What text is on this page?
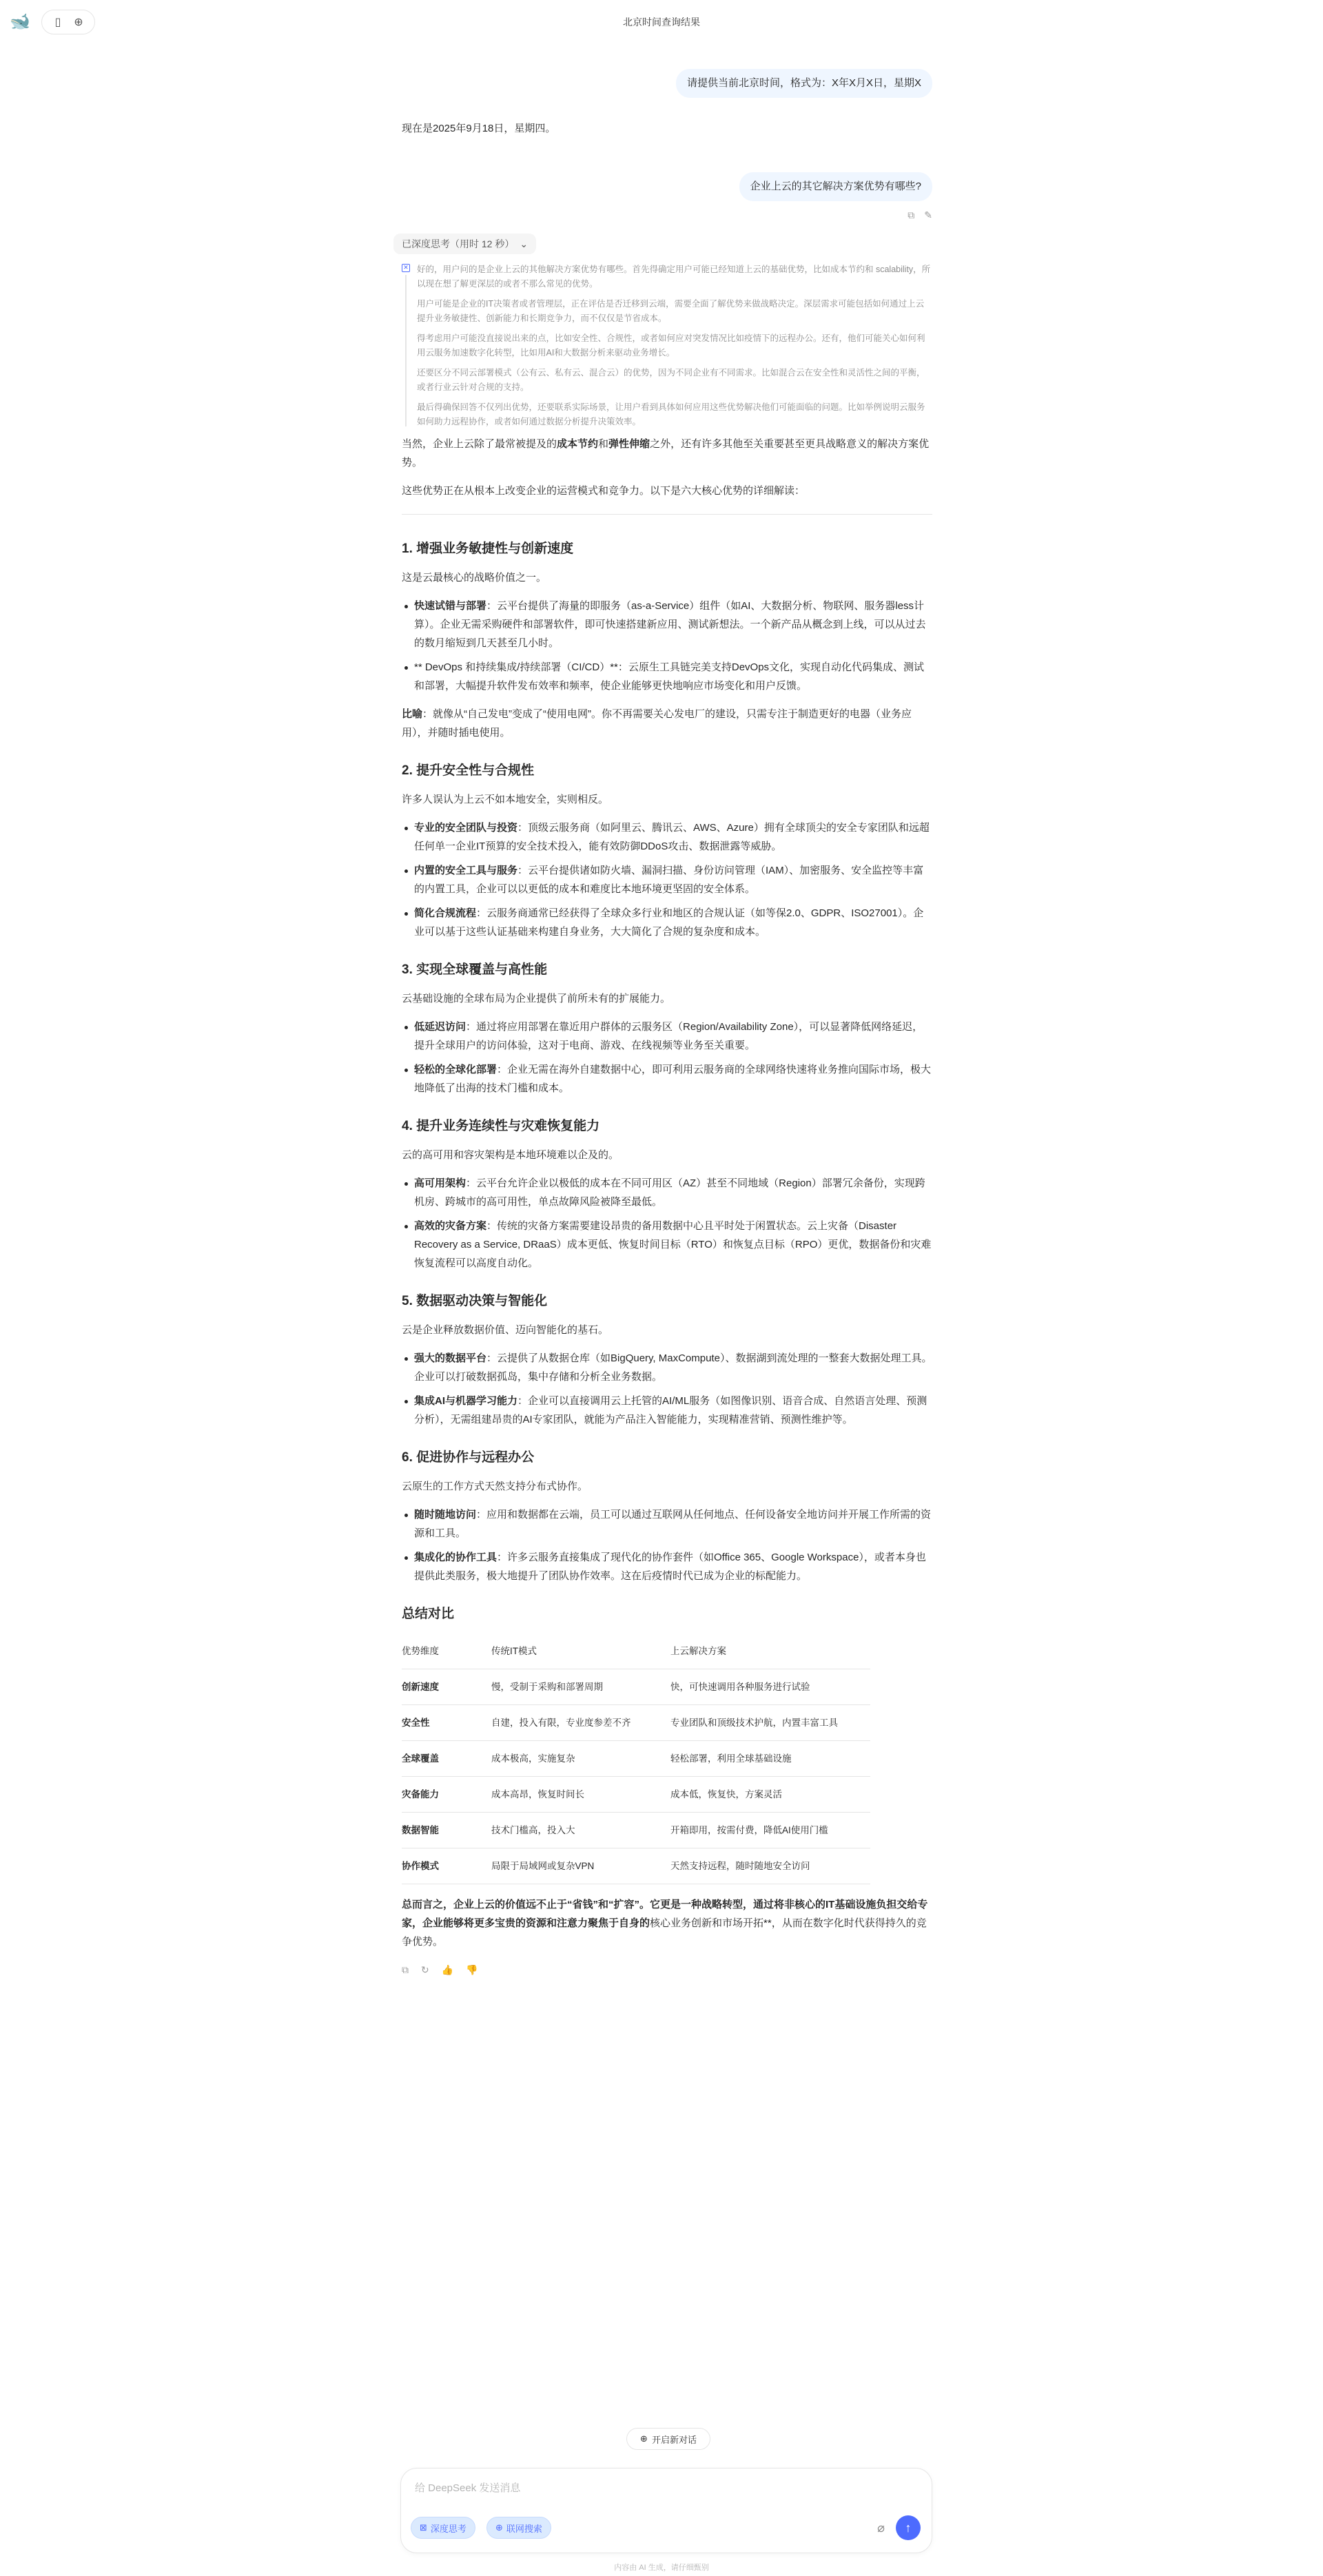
🐋	▯	⊕	北京时间查询结果
请提供当前北京时间，格式为：X年X月X日，星期X
现在是2025年9月18日，星期四。
企业上云的其它解决方案优势有哪些?
⧉ ✎
已深度思考（用时 12 秒） ⌄
✕ 好的，用户问的是企业上云的其他解决方案优势有哪些。首先得确定用户可能已经知道上云的基础优势，比如成本节约和 scalability，所以现在想了解更深层的或者不那么常见的优势。

用户可能是企业的IT决策者或者管理层，正在评估是否迁移到云端，需要全面了解优势来做战略决定。深层需求可能包括如何通过上云提升业务敏捷性、创新能力和长期竞争力，而不仅仅是节省成本。

得考虑用户可能没直接说出来的点，比如安全性、合规性，或者如何应对突发情况比如疫情下的远程办公。还有，他们可能关心如何利用云服务加速数字化转型，比如用AI和大数据分析来驱动业务增长。

还要区分不同云部署模式（公有云、私有云、混合云）的优势，因为不同企业有不同需求。比如混合云在安全性和灵活性之间的平衡，或者行业云针对合规的支持。

最后得确保回答不仅列出优势，还要联系实际场景，让用户看到具体如何应用这些优势解决他们可能面临的问题。比如举例说明云服务如何助力远程协作，或者如何通过数据分析提升决策效率。

当然，企业上云除了最常被提及的成本节约和弹性伸缩之外，还有许多其他至关重要甚至更具战略意义的解决方案优势。

这些优势正在从根本上改变企业的运营模式和竞争力。以下是六大核心优势的详细解读：

1. 增强业务敏捷性与创新速度

这是云最核心的战略价值之一。

快速试错与部署：云平台提供了海量的即服务（as-a-Service）组件（如AI、大数据分析、物联网、服务器less计算）。企业无需采购硬件和部署软件，即可快速搭建新应用、测试新想法。一个新产品从概念到上线，可以从过去的数月缩短到几天甚至几小时。
** DevOps 和持续集成/持续部署（CI/CD）**：云原生工具链完美支持DevOps文化，实现自动化代码集成、测试和部署，大幅提升软件发布效率和频率，使企业能够更快地响应市场变化和用户反馈。

比喻：就像从“自己发电”变成了“使用电网”。你不再需要关心发电厂的建设，只需专注于制造更好的电器（业务应用），并随时插电使用。

2. 提升安全性与合规性

许多人误认为上云不如本地安全，实则相反。

专业的安全团队与投资：顶级云服务商（如阿里云、腾讯云、AWS、Azure）拥有全球顶尖的安全专家团队和远超任何单一企业IT预算的安全技术投入，能有效防御DDoS攻击、数据泄露等威胁。
内置的安全工具与服务：云平台提供诸如防火墙、漏洞扫描、身份访问管理（IAM）、加密服务、安全监控等丰富的内置工具，企业可以以更低的成本和难度比本地环境更坚固的安全体系。
简化合规流程：云服务商通常已经获得了全球众多行业和地区的合规认证（如等保2.0、GDPR、ISO27001）。企业可以基于这些认证基础来构建自身业务，大大简化了合规的复杂度和成本。
3. 实现全球覆盖与高性能

云基础设施的全球布局为企业提供了前所未有的扩展能力。

低延迟访问：通过将应用部署在靠近用户群体的云服务区（Region/Availability Zone），可以显著降低网络延迟，提升全球用户的访问体验，这对于电商、游戏、在线视频等业务至关重要。
轻松的全球化部署：企业无需在海外自建数据中心，即可利用云服务商的全球网络快速将业务推向国际市场，极大地降低了出海的技术门槛和成本。
4. 提升业务连续性与灾难恢复能力

云的高可用和容灾架构是本地环境难以企及的。

高可用架构：云平台允许企业以极低的成本在不同可用区（AZ）甚至不同地域（Region）部署冗余备份，实现跨机房、跨城市的高可用性，单点故障风险被降至最低。
高效的灾备方案：传统的灾备方案需要建设昂贵的备用数据中心且平时处于闲置状态。云上灾备（Disaster Recovery as a Service, DRaaS）成本更低、恢复时间目标（RTO）和恢复点目标（RPO）更优，数据备份和灾难恢复流程可以高度自动化。
5. 数据驱动决策与智能化

云是企业释放数据价值、迈向智能化的基石。

强大的数据平台：云提供了从数据仓库（如BigQuery, MaxCompute）、数据湖到流处理的一整套大数据处理工具。企业可以打破数据孤岛，集中存储和分析全业务数据。
集成AI与机器学习能力：企业可以直接调用云上托管的AI/ML服务（如图像识别、语音合成、自然语言处理、预测分析），无需组建昂贵的AI专家团队，就能为产品注入智能能力，实现精准营销、预测性维护等。
6. 促进协作与远程办公

云原生的工作方式天然支持分布式协作。

随时随地访问：应用和数据都在云端，员工可以通过互联网从任何地点、任何设备安全地访问并开展工作所需的资源和工具。
集成化的协作工具：许多云服务直接集成了现代化的协作套件（如Office 365、Google Workspace），或者本身也提供此类服务，极大地提升了团队协作效率。这在后疫情时代已成为企业的标配能力。
总结对比
优势维度	传统IT模式	上云解决方案
创新速度	慢，受制于采购和部署周期	快，可快速调用各种服务进行试验
安全性	自建，投入有限，专业度参差不齐	专业团队和顶级技术护航，内置丰富工具
全球覆盖	成本极高，实施复杂	轻松部署，利用全球基础设施
灾备能力	成本高昂，恢复时间长	成本低，恢复快，方案灵活
数据智能	技术门槛高，投入大	开箱即用，按需付费，降低AI使用门槛
协作模式	局限于局域网或复杂VPN	天然支持远程，随时随地安全访问

总而言之，企业上云的价值远不止于“省钱”和“扩容”。它更是一种战略转型，通过将非核心的IT基础设施负担交给专家，企业能够将更多宝贵的资源和注意力聚焦于自身的核心业务创新和市场开拓**，从而在数字化时代获得持久的竞争优势。

⧉ ↻ 👍 👎
⊕ 开启新对话
给 DeepSeek 发送消息
⊠ 深度思考	⊕ 联网搜索	⌀ ↑
内容由 AI 生成，请仔细甄别
